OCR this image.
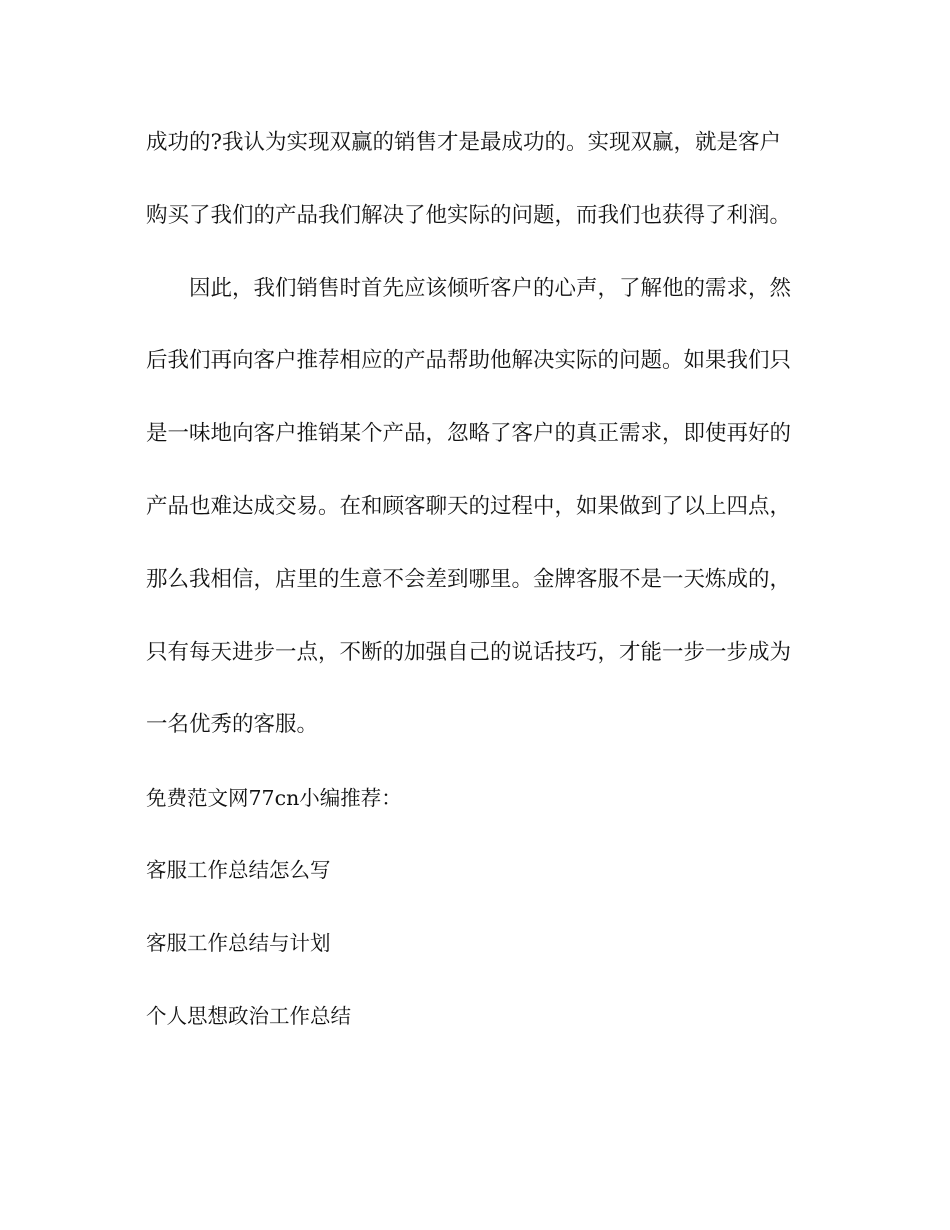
成功的?我认为实现双赢的销售才是最成功的。实现双赢，就是客户
购买了我们的产品我们解决了他实际的问题，而我们也获得了利润。
因此，我们销售时首先应该倾听客户的心声，了解他的需求，然
后我们再向客户推荐相应的产品帮助他解决实际的问题。如果我们只
是一味地向客户推销某个产品，忽略了客户的真正需求，即使再好的
产品也难达成交易。在和顾客聊天的过程中，如果做到了以上四点，
那么我相信，店里的生意不会差到哪里。金牌客服不是一天炼成的，
只有每天进步一点，不断的加强自己的说话技巧，才能一步一步成为
一名优秀的客服。
免费范文网77cn小编推荐：
客服工作总结怎么写
客服工作总结与计划
个人思想政治工作总结
